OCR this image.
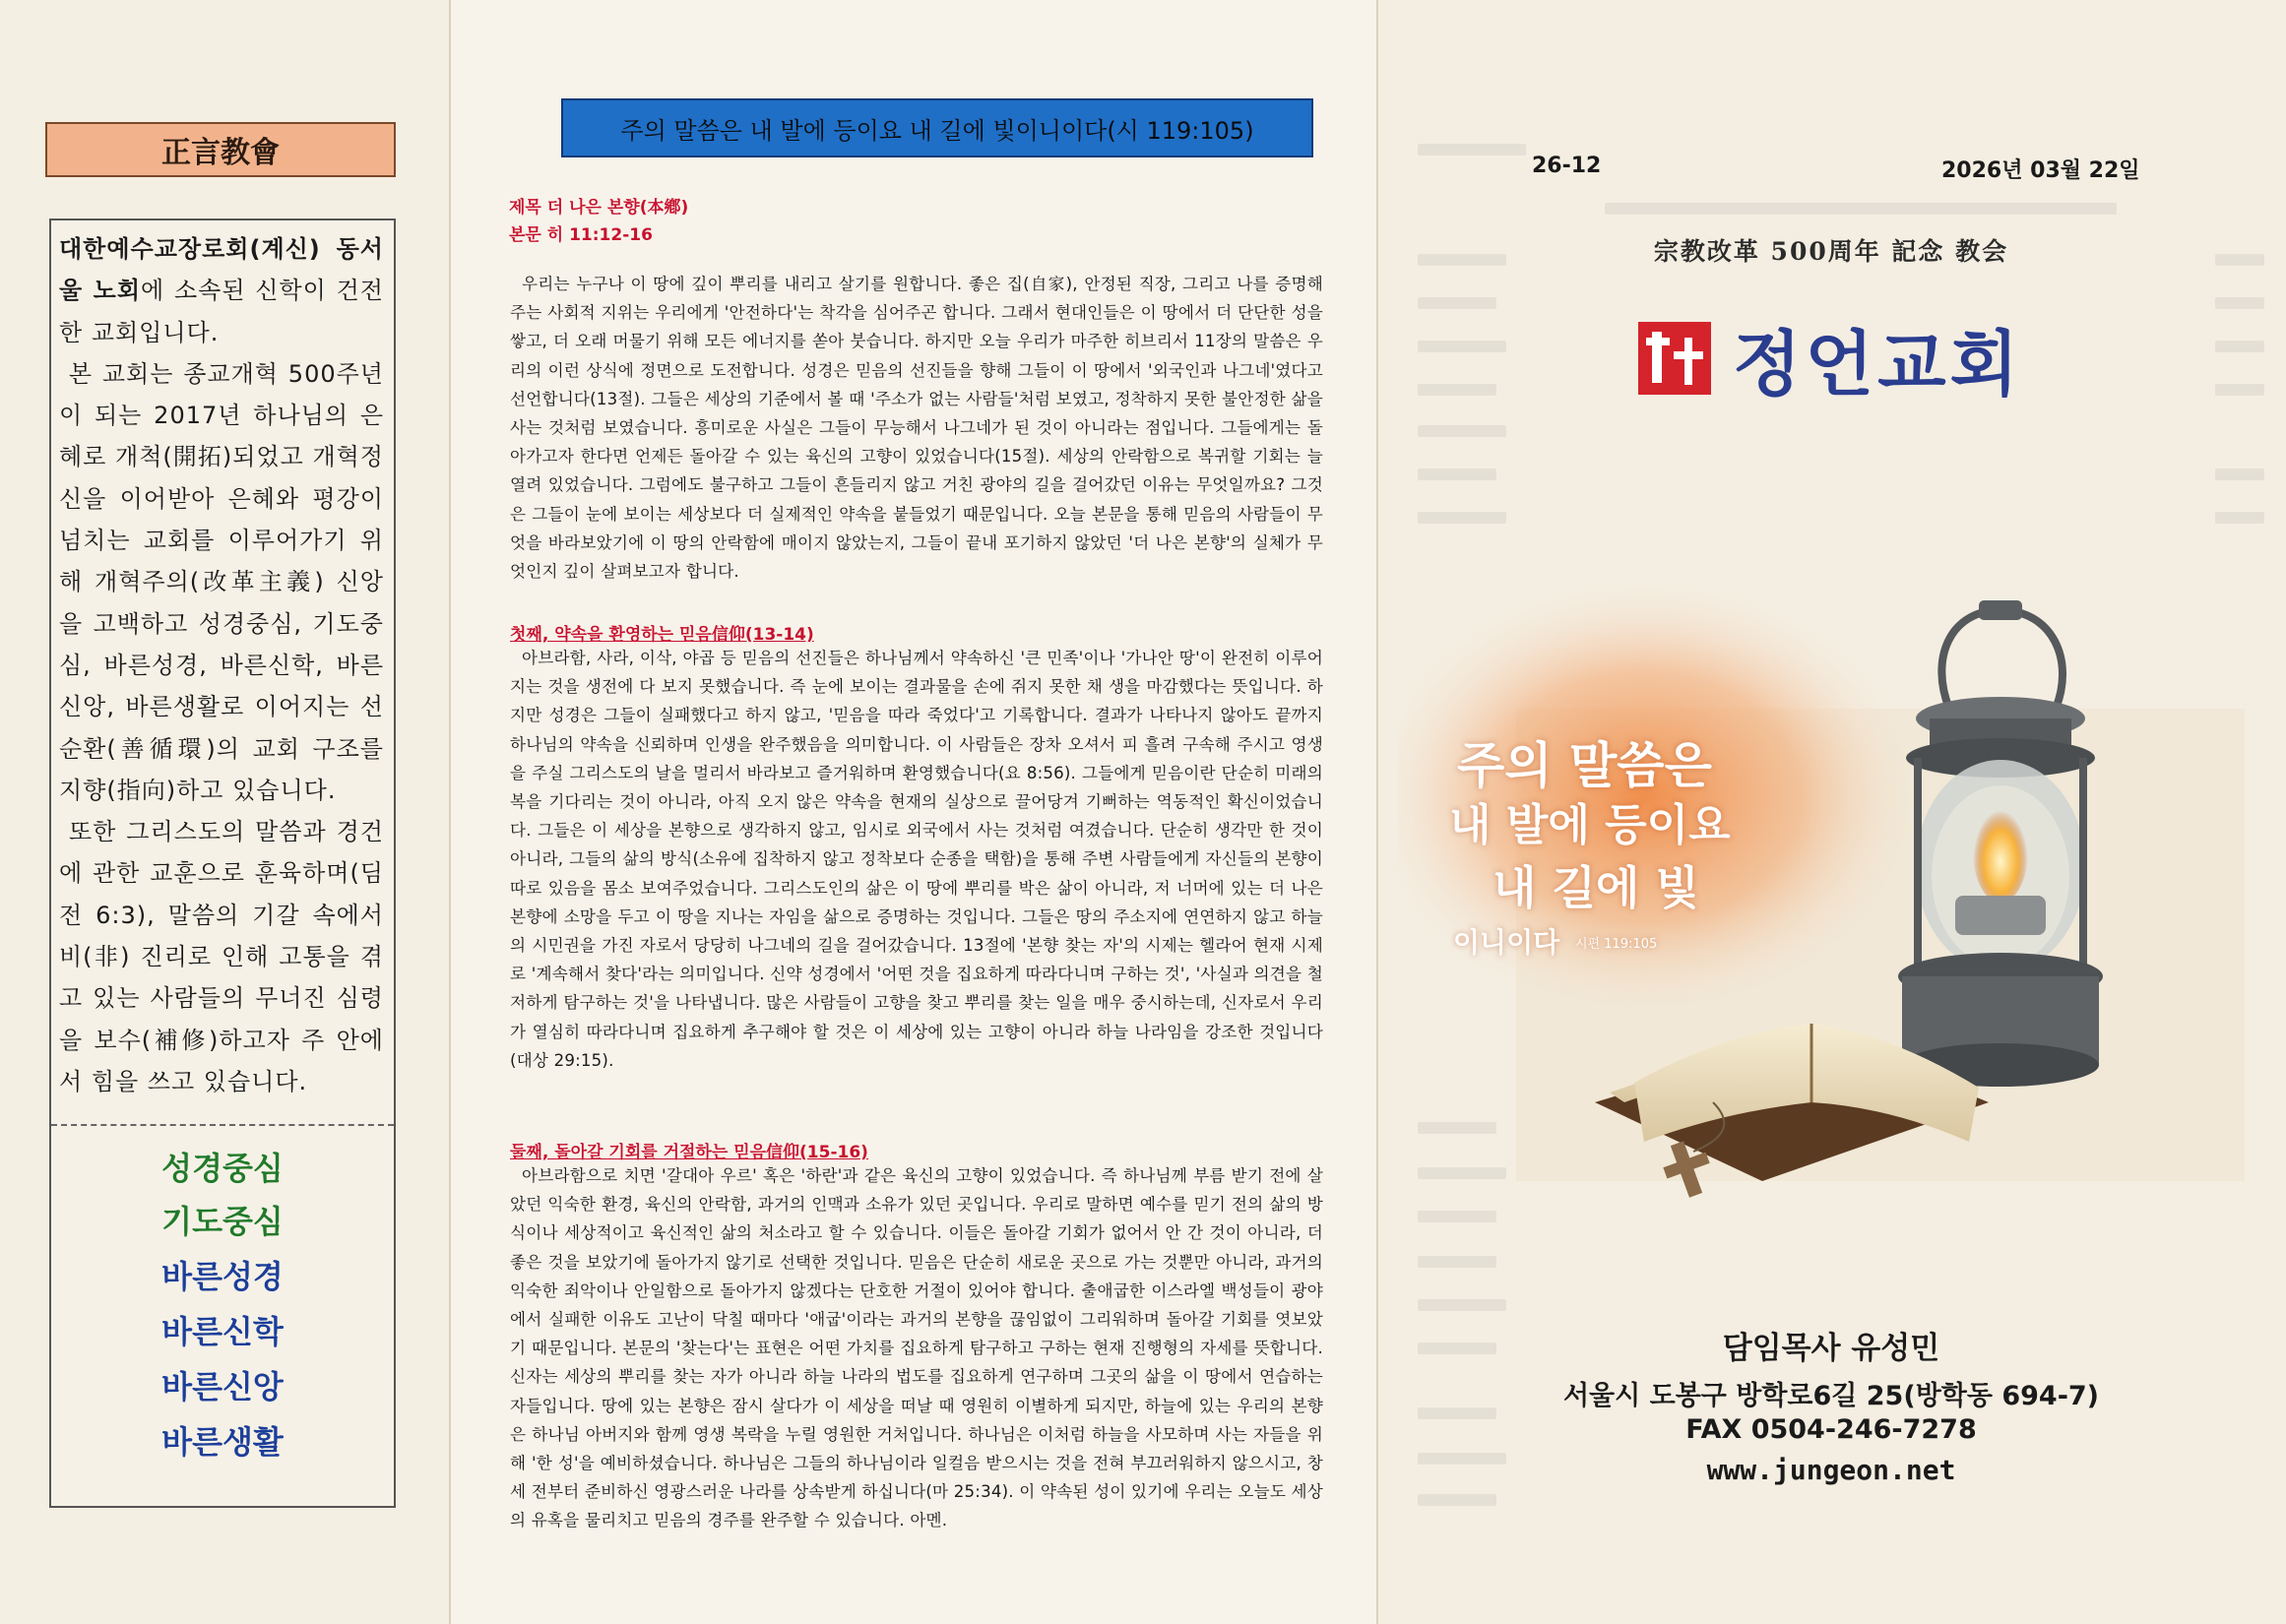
正言教會

대한예수교장로회(계신) 동서울 노회에 소속된 신학이 건전한 교회입니다.

본 교회는 종교개혁 500주년이 되는 2017년 하나님의 은혜로 개척(開拓)되었고 개혁정신을 이어받아 은혜와 평강이 넘치는 교회를 이루어가기 위해 개혁주의(改革主義) 신앙을 고백하고 성경중심, 기도중심, 바른성경, 바른신학, 바른신앙, 바른생활로 이어지는 선순환(善循環)의 교회 구조를 지향(指向)하고 있습니다.

또한 그리스도의 말씀과 경건에 관한 교훈으로 훈육하며(딤전 6:3), 말씀의 기갈 속에서 비(非) 진리로 인해 고통을 겪고 있는 사람들의 무너진 심령을 보수(補修)하고자 주 안에서 힘을 쓰고 있습니다.

성경중심
기도중심
바른성경
바른신학
바른신앙
바른생활
주의 말씀은 내 발에 등이요 내 길에 빛이니이다(시 119:105)
제목 더 나은 본향(本鄕)
본문 히 11:12-16

우리는 누구나 이 땅에 깊이 뿌리를 내리고 살기를 원합니다. 좋은 집(自家), 안정된 직장, 그리고 나를 증명해 주는 사회적 지위는 우리에게 '안전하다'는 착각을 심어주곤 합니다. 그래서 현대인들은 이 땅에서 더 단단한 성을 쌓고, 더 오래 머물기 위해 모든 에너지를 쏟아 붓습니다. 하지만 오늘 우리가 마주한 히브리서 11장의 말씀은 우리의 이런 상식에 정면으로 도전합니다. 성경은 믿음의 선진들을 향해 그들이 이 땅에서 '외국인과 나그네'였다고 선언합니다(13절). 그들은 세상의 기준에서 볼 때 '주소가 없는 사람들'처럼 보였고, 정착하지 못한 불안정한 삶을 사는 것처럼 보였습니다. 흥미로운 사실은 그들이 무능해서 나그네가 된 것이 아니라는 점입니다. 그들에게는 돌아가고자 한다면 언제든 돌아갈 수 있는 육신의 고향이 있었습니다(15절). 세상의 안락함으로 복귀할 기회는 늘 열려 있었습니다. 그럼에도 불구하고 그들이 흔들리지 않고 거친 광야의 길을 걸어갔던 이유는 무엇일까요? 그것은 그들이 눈에 보이는 세상보다 더 실제적인 약속을 붙들었기 때문입니다. 오늘 본문을 통해 믿음의 사람들이 무엇을 바라보았기에 이 땅의 안락함에 매이지 않았는지, 그들이 끝내 포기하지 않았던 '더 나은 본향'의 실체가 무엇인지 깊이 살펴보고자 합니다.

첫째, 약속을 환영하는 믿음信仰(13-14)

아브라함, 사라, 이삭, 야곱 등 믿음의 선진들은 하나님께서 약속하신 '큰 민족'이나 '가나안 땅'이 완전히 이루어지는 것을 생전에 다 보지 못했습니다. 즉 눈에 보이는 결과물을 손에 쥐지 못한 채 생을 마감했다는 뜻입니다. 하지만 성경은 그들이 실패했다고 하지 않고, '믿음을 따라 죽었다'고 기록합니다. 결과가 나타나지 않아도 끝까지 하나님의 약속을 신뢰하며 인생을 완주했음을 의미합니다. 이 사람들은 장차 오셔서 피 흘려 구속해 주시고 영생을 주실 그리스도의 날을 멀리서 바라보고 즐거워하며 환영했습니다(요 8:56). 그들에게 믿음이란 단순히 미래의 복을 기다리는 것이 아니라, 아직 오지 않은 약속을 현재의 실상으로 끌어당겨 기뻐하는 역동적인 확신이었습니다. 그들은 이 세상을 본향으로 생각하지 않고, 임시로 외국에서 사는 것처럼 여겼습니다. 단순히 생각만 한 것이 아니라, 그들의 삶의 방식(소유에 집착하지 않고 정착보다 순종을 택함)을 통해 주변 사람들에게 자신들의 본향이 따로 있음을 몸소 보여주었습니다. 그리스도인의 삶은 이 땅에 뿌리를 박은 삶이 아니라, 저 너머에 있는 더 나은 본향에 소망을 두고 이 땅을 지나는 자임을 삶으로 증명하는 것입니다. 그들은 땅의 주소지에 연연하지 않고 하늘의 시민권을 가진 자로서 당당히 나그네의 길을 걸어갔습니다. 13절에 '본향 찾는 자'의 시제는 헬라어 현재 시제로 '계속해서 찾다'라는 의미입니다. 신약 성경에서 '어떤 것을 집요하게 따라다니며 구하는 것', '사실과 의견을 철저하게 탐구하는 것'을 나타냅니다. 많은 사람들이 고향을 찾고 뿌리를 찾는 일을 매우 중시하는데, 신자로서 우리가 열심히 따라다니며 집요하게 추구해야 할 것은 이 세상에 있는 고향이 아니라 하늘 나라임을 강조한 것입니다(대상 29:15).

둘째, 돌아갈 기회를 거절하는 믿음信仰(15-16)

아브라함으로 치면 '갈대아 우르' 혹은 '하란'과 같은 육신의 고향이 있었습니다. 즉 하나님께 부름 받기 전에 살았던 익숙한 환경, 육신의 안락함, 과거의 인맥과 소유가 있던 곳입니다. 우리로 말하면 예수를 믿기 전의 삶의 방식이나 세상적이고 육신적인 삶의 처소라고 할 수 있습니다. 이들은 돌아갈 기회가 없어서 안 간 것이 아니라, 더 좋은 것을 보았기에 돌아가지 않기로 선택한 것입니다. 믿음은 단순히 새로운 곳으로 가는 것뿐만 아니라, 과거의 익숙한 죄악이나 안일함으로 돌아가지 않겠다는 단호한 거절이 있어야 합니다. 출애굽한 이스라엘 백성들이 광야에서 실패한 이유도 고난이 닥칠 때마다 '애굽'이라는 과거의 본향을 끊임없이 그리워하며 돌아갈 기회를 엿보았기 때문입니다. 본문의 '찾는다'는 표현은 어떤 가치를 집요하게 탐구하고 구하는 현재 진행형의 자세를 뜻합니다. 신자는 세상의 뿌리를 찾는 자가 아니라 하늘 나라의 법도를 집요하게 연구하며 그곳의 삶을 이 땅에서 연습하는 자들입니다. 땅에 있는 본향은 잠시 살다가 이 세상을 떠날 때 영원히 이별하게 되지만, 하늘에 있는 우리의 본향은 하나님 아버지와 함께 영생 복락을 누릴 영원한 거처입니다. 하나님은 이처럼 하늘을 사모하며 사는 자들을 위해 '한 성'을 예비하셨습니다. 하나님은 그들의 하나님이라 일컬음 받으시는 것을 전혀 부끄러워하지 않으시고, 창세 전부터 준비하신 영광스러운 나라를 상속받게 하십니다(마 25:34). 이 약속된 성이 있기에 우리는 오늘도 세상의 유혹을 물리치고 믿음의 경주를 완주할 수 있습니다. 아멘.

26-12	2026년 03월 22일
宗教改革 500周年 記念 教会
정언교회
주의 말씀은
내 발에 등이요
내 길에 빛
이니이다 시편 119:105
담임목사 유성민
서울시 도봉구 방학로6길 25(방학동 694-7)
FAX 0504-246-7278
www.jungeon.net
